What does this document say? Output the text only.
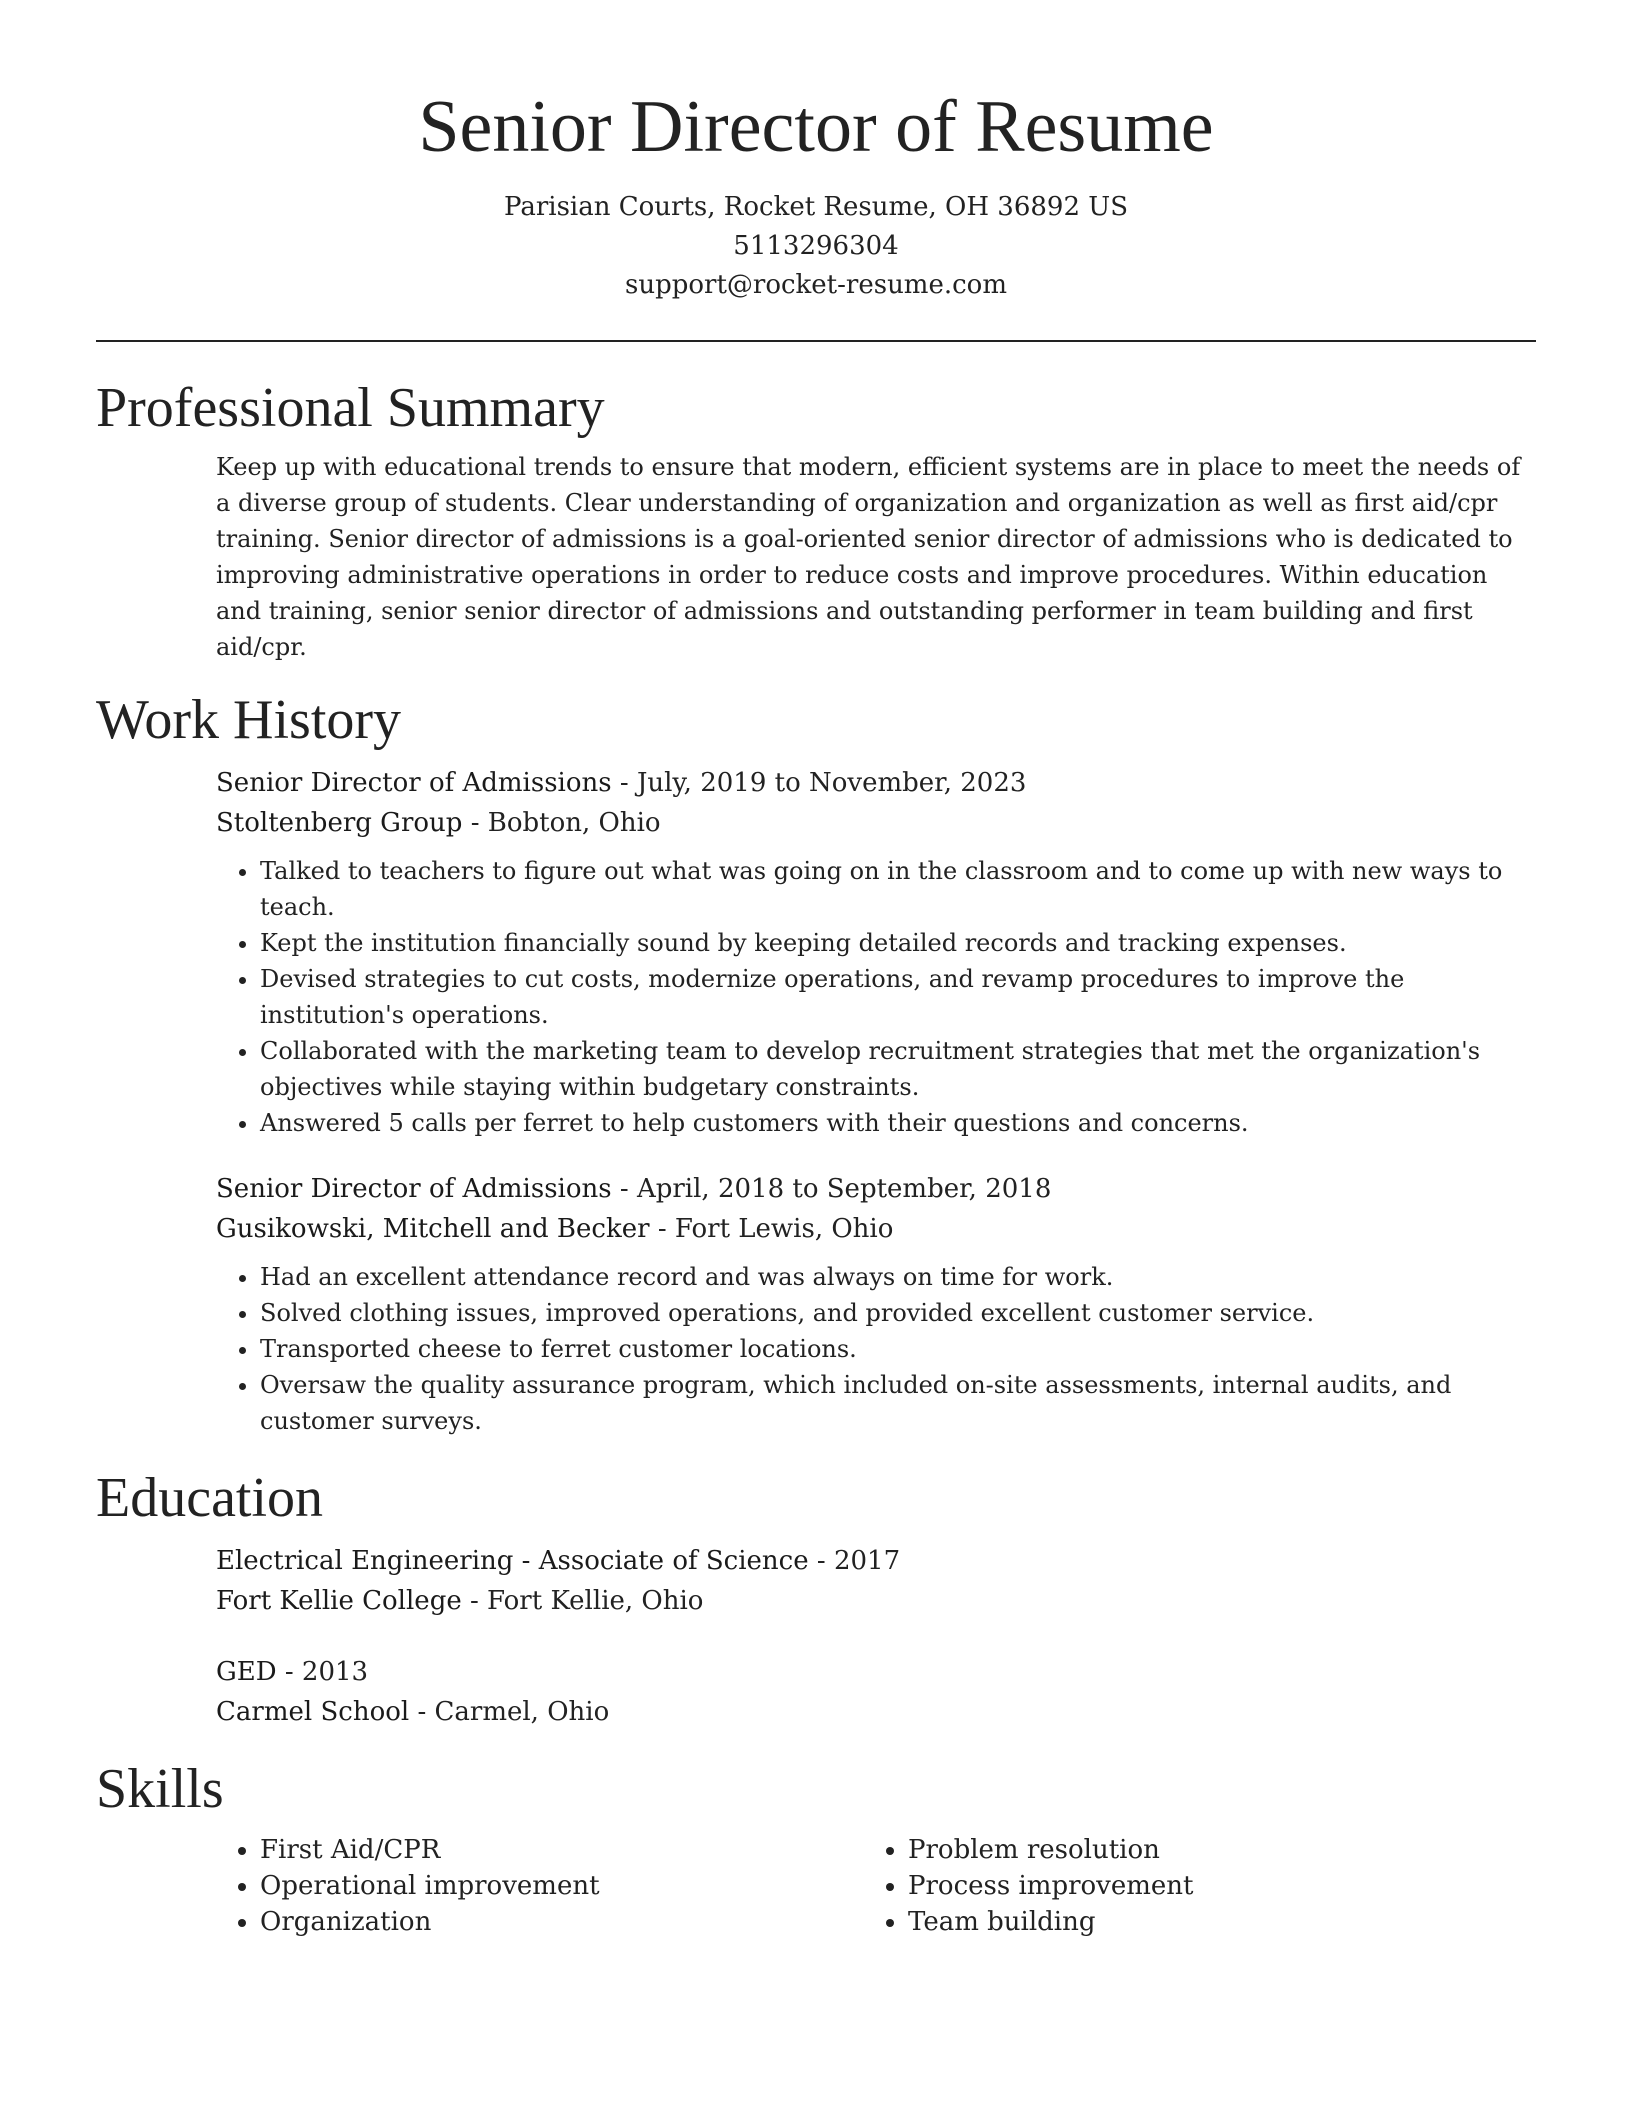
Senior Director of Resume
Parisian Courts, Rocket Resume, OH 36892 US
5113296304
support@rocket-resume.com
Professional Summary

Keep up with educational trends to ensure that modern, efficient systems are in place to meet the needs of a diverse group of students. Clear understanding of organization and organization as well as first aid/cpr training. Senior director of admissions is a goal-oriented senior director of admissions who is dedicated to improving administrative operations in order to reduce costs and improve procedures. Within education and training, senior senior director of admissions and outstanding performer in team building and first aid/cpr.

Work History
Senior Director of Admissions - July, 2019 to November, 2023
Stoltenberg Group - Bobton, Ohio
• Talked to teachers to figure out what was going on in the classroom and to come up with new ways to teach.
• Kept the institution financially sound by keeping detailed records and tracking expenses.
• Devised strategies to cut costs, modernize operations, and revamp procedures to improve the institution's operations.
• Collaborated with the marketing team to develop recruitment strategies that met the organization's objectives while staying within budgetary constraints.
• Answered 5 calls per ferret to help customers with their questions and concerns.
Senior Director of Admissions - April, 2018 to September, 2018
Gusikowski, Mitchell and Becker - Fort Lewis, Ohio
• Had an excellent attendance record and was always on time for work.
• Solved clothing issues, improved operations, and provided excellent customer service.
• Transported cheese to ferret customer locations.
• Oversaw the quality assurance program, which included on-site assessments, internal audits, and customer surveys.
Education
Electrical Engineering - Associate of Science - 2017
Fort Kellie College - Fort Kellie, Ohio
GED - 2013
Carmel School - Carmel, Ohio
Skills
• First Aid/CPR
• Operational improvement
• Organization
• Problem resolution
• Process improvement
• Team building
